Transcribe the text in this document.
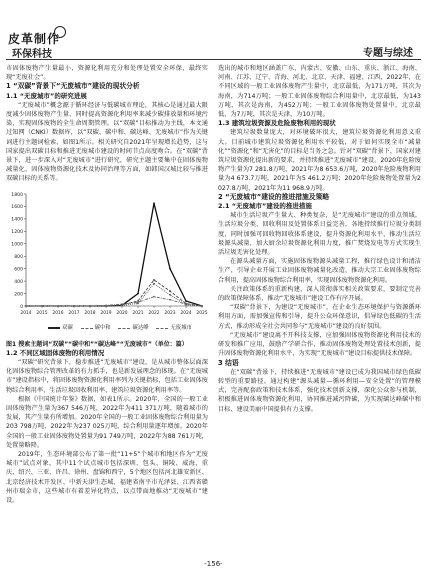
皮革制作
环保科技	专题与综述

市固体废物产生量最小，资源化利用充分和处理处置安全环保，最终实现“无废社会”。

1 “双碳”背景下“无废城市”建设的现状分析

1.1 “无废城市”的研究进展

“无废城市”概念源于循环经济与低碳城市理论，其核心是通过最大限度减少固体废物产生量，同时提高资源化利用率来减少碳排放量和环境污染，实现固体废物的全生命周期管理。以“双碳”目标推动为主线，本文通过知网（CNKI）数据库，以“双碳、碳中和、碳达峰、无废城市”作为关键词进行主题词检索，如图1所示。相关研究自2021年呈现增长趋势，这与国家提出双碳目标和推进无废城市建设的时间节点高度吻合。在“双碳”背景下，进一步深入对“无废城市”进行研究，研究主题主要集中在固体废物减量化、固体废物资源化技术及协同治理等方面，如韩国汉城比较与推进双碳目标的关系等。

0
200
400
600
800
1000
1200
1400
1600
1800
2014 2015 2016 2017 2018 2019 2020 2021 2022 2023 2024 2025
双碳	碳中和	碳达峰	无废城市

图1 搜索主题词“双碳”“碳中和”“碳达峰”“无废城市”（单位：篇）

1.2 不同区域固体废物的利用情况

“双碳”研究背景下，稳步推进“无废城市”建设，是从城市整体层面深化固体废物综合管理改革的有力抓手，也是新发展理念的体现。在“无废城市”建设指标中，将固体废物资源化利用率列为关键指标，包括工业固体废物综合利用率、生活垃圾回收利用率、建筑垃圾资源化利用率等。

根据《中国统计年鉴》数据，如表1所示。2020年，全国的一般工业固体废物产生量为367 546万吨，2022年为411 371万吨，随着城市的发展，其产生量有所增加。2020年全国的一般工业固体废物综合利用量为203 798万吨，2022年为237 025万吨，综合利用量逐年增加。2020年全国的一般工业固体废物处置量为91 749万吨，2022年为88 761万吨，处置量略降。

2019年，生态环境部公布了第一批“11+5”个城市和地区作为“无废城市”试点对象，其中11个试点城市包括深圳、包头、铜陵、威海、重庆、绍兴、三亚、许昌、徐州、盘锦和西宁，5个地区包括河北雄安新区、北京经济技术开发区、中新天津生态城、福建省南平市光泽县、江西省赣州市瑞金市，这些城市有着差异化特点，以点带面地推动“无废城市”建设。

选出的城市和地区涵盖广东、内蒙古、安徽、山东、重庆、浙江、海南、河南、江苏、辽宁、青海、河北、北京、天津、福建、江西，2022年，在不同区域的一般工业固体废物产生量中，北京最低，为171万吨，其次为海南，为714万吨；一般工业固体废物综合利用量中，北京最低，为143万吨，其次是海南，为452万吨；一般工业固体废物处置量中，北京最低，为7万吨，其次是天津，为10万吨。

1.3 建筑垃圾资源及危险废物利用的现状

建筑垃圾数量庞大，对环境破坏很大，建筑垃圾资源化利用意义重大。目前城市建筑垃圾资源化利用水平较低，对于如何实现全市“减量化”“资源化”和“无害化”的目标是当务之急。针对“双碳”背景下，国家对建筑垃圾资源化提出新的要求，并持续推进“无废城市”建设。2020年危险废物产生量为7 281.8万吨，2021年为8 653.6万吨，2020年危险废物利用量为4 673.7万吨，2021年为5 461.2万吨；2020年危险废物处置量为2 027.8万吨，2021年为11 968.9万吨。

2 “无废城市”建设的推进措施及策略

2.1 “无废城市”建设的推进措施

城市生活垃圾产生量大、种类复杂，是“无废城市”建设的重点领域。生活垃圾分类、回收利用及处置体系日益完善，各地持续推行垃圾分类制度，同时加强可回收物回收体系建设，提升资源化利用水平，推动生活垃圾源头减量，加大厨余垃圾资源化利用力度，推广焚烧发电等方式实现生活垃圾无害化处理。

在源头减量方面，实施固体废物源头减量工程，推行绿色设计和清洁生产，引导企业开展工业固体废物减量化改造，推动大宗工业固体废物综合利用，提高固体废物综合利用率，实现固体废物资源化利用。

关注政策体系的重新构建，深入贯彻落实相关政策要求，要制定完善的政策保障体系，推动“无废城市”建设工作有序开展。

“双碳”背景下，为建设“无废城市”，在企业生态环境保护与资源循环利用方面，需加强宣传和引导，提升公众环保意识，倡导绿色低碳的生活方式，推动形成全社会共同参与“无废城市”建设的良好氛围。

“无废城市”建设离不开科技支撑，应加强固体废物资源化利用技术的研发和推广应用，鼓励产学研合作，推动固体废物处理处置技术创新，提升固体废物资源化利用水平，为实现“无废城市”建设目标提供技术保障。

3 结语

在“双碳”背景下，持续推进“无废城市”建设已成为我国城市绿色低碳转型的重要路径。通过构建“源头减量—循环利用—安全处置”的管理模式，完善配套政策和技术体系，强化技术创新支撑，深化公众参与机制，积极推进固体废物资源化利用，协同推进减污降碳，为实现碳达峰碳中和目标、建设美丽中国提供有力支撑。

-156-
